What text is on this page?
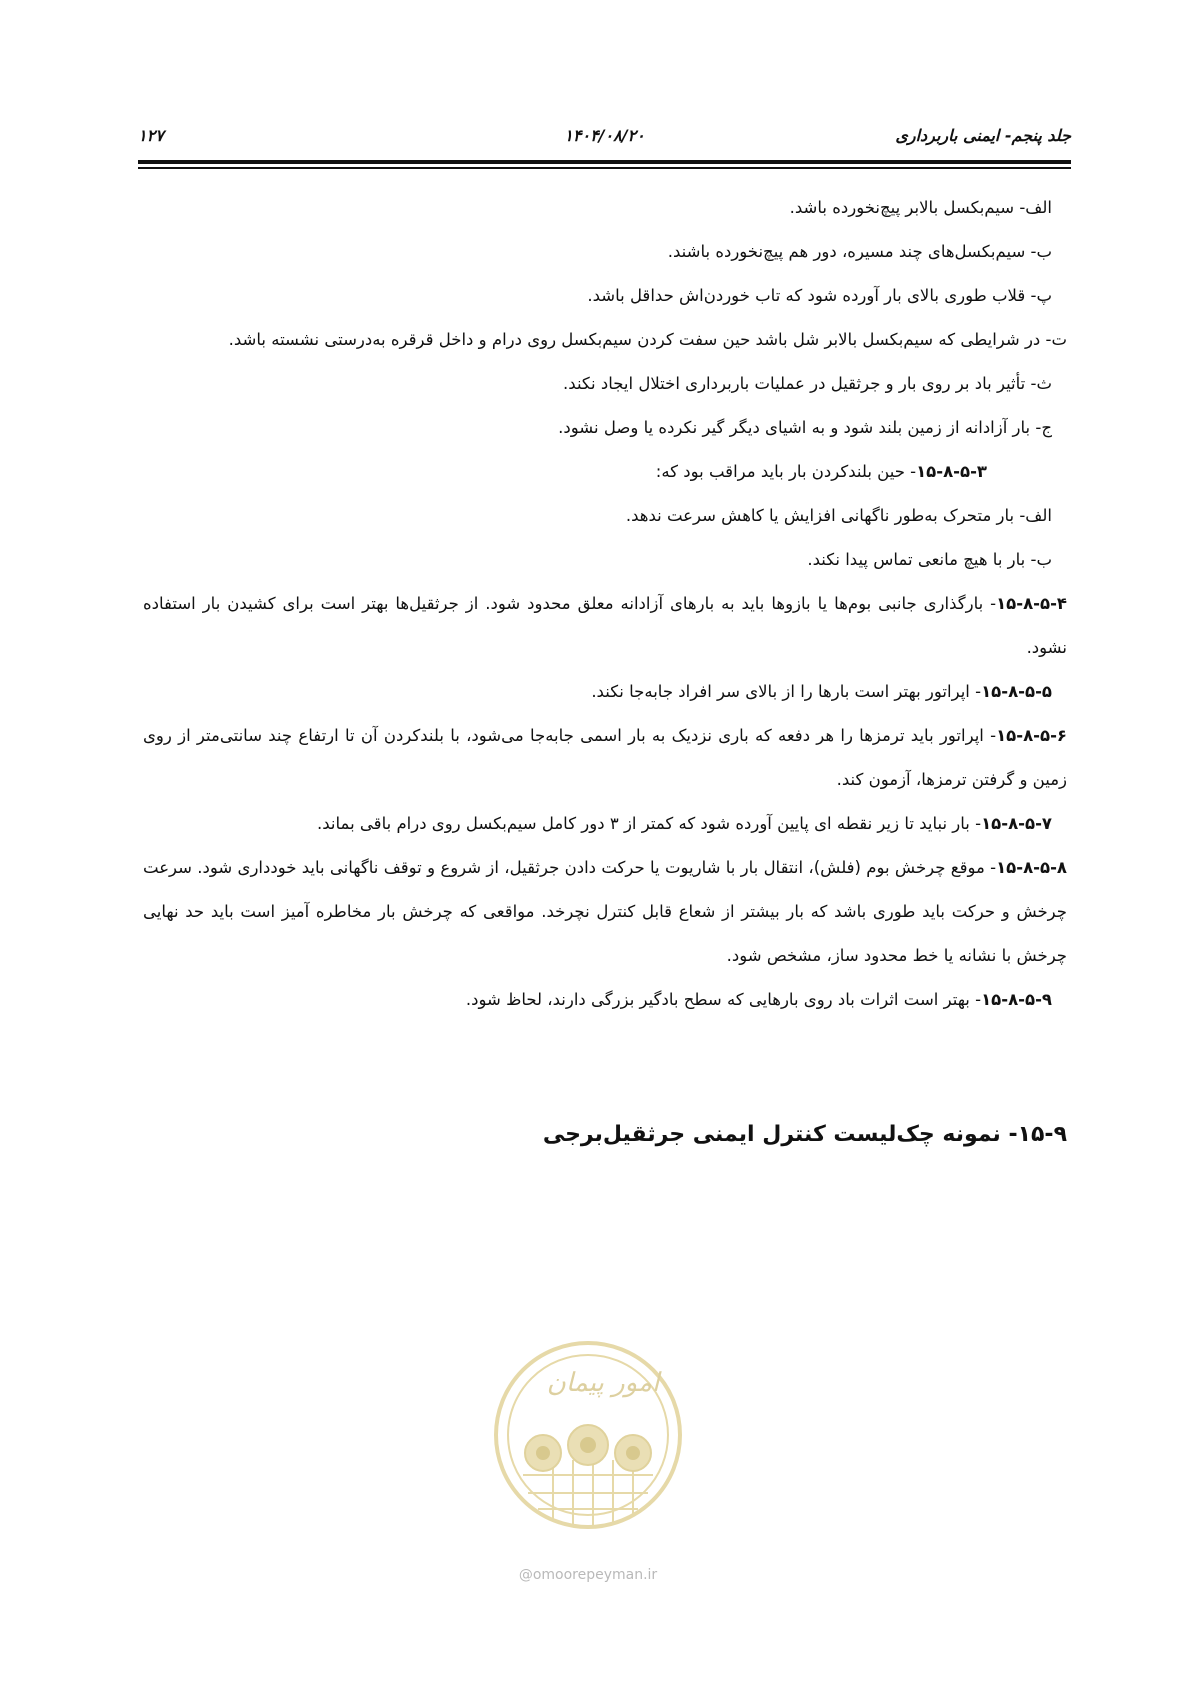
جلد پنجم- ایمنی باربرداری
۱۴۰۴/۰۸/۲۰
۱۲۷

الف- سیم‌بکسل بالابر پیچ‌نخورده باشد.

ب- سیم‌بکسل‌های چند مسیره، دور هم پیچ‌نخورده باشند.

پ- قلاب طوری بالای بار آورده شود که تاب خوردن‌اش حداقل باشد.

ت- در شرایطی که سیم‌بکسل بالابر شل باشد حین سفت کردن سیم‌بکسل روی درام و داخل قرقره به‌درستی نشسته باشد.

ث- تأثیر باد بر روی بار و جرثقیل در عملیات باربرداری اختلال ایجاد نکند.

ج- بار آزادانه از زمین بلند شود و به اشیای دیگر گیر نکرده یا وصل نشود.

۱۵-۸-۵-۳- حین بلندکردن بار باید مراقب بود که:

الف- بار متحرک به‌طور ناگهانی افزایش یا کاهش سرعت ندهد.

ب- بار با هیچ مانعی تماس پیدا نکند.

۱۵-۸-۵-۴- بارگذاری جانبی بوم‌ها یا بازوها باید به بارهای آزادانه معلق محدود شود. از جرثقیل‌ها بهتر است برای کشیدن بار استفاده نشود.

۱۵-۸-۵-۵- اپراتور بهتر است بارها را از بالای سر افراد جابه‌جا نکند.

۱۵-۸-۵-۶- اپراتور باید ترمزها را هر دفعه که باری نزدیک به بار اسمی جابه‌جا می‌شود، با بلندکردن آن تا ارتفاع چند سانتی‌متر از روی زمین و گرفتن ترمزها، آزمون کند.

۱۵-۸-۵-۷- بار نباید تا زیر نقطه ای پایین آورده شود که کمتر از ۳ دور کامل سیم‌بکسل روی درام باقی بماند.

۱۵-۸-۵-۸- موقع چرخش بوم (فلش)، انتقال بار با شاریوت یا حرکت دادن جرثقیل، از شروع و توقف ناگهانی باید خودداری شود. سرعت چرخش و حرکت باید طوری باشد که بار بیشتر از شعاع قابل کنترل نچرخد. مواقعی که چرخش بار مخاطره آمیز است باید حد نهایی چرخش با نشانه یا خط محدود ساز، مشخص شود.

۱۵-۸-۵-۹- بهتر است اثرات باد روی بارهایی که سطح بادگیر بزرگی دارند، لحاظ شود.

۱۵-۹- نمونه چک‌لیست کنترل ایمنی جرثقیل‌برجی
امور پیمان
@omoorepeyman.ir
